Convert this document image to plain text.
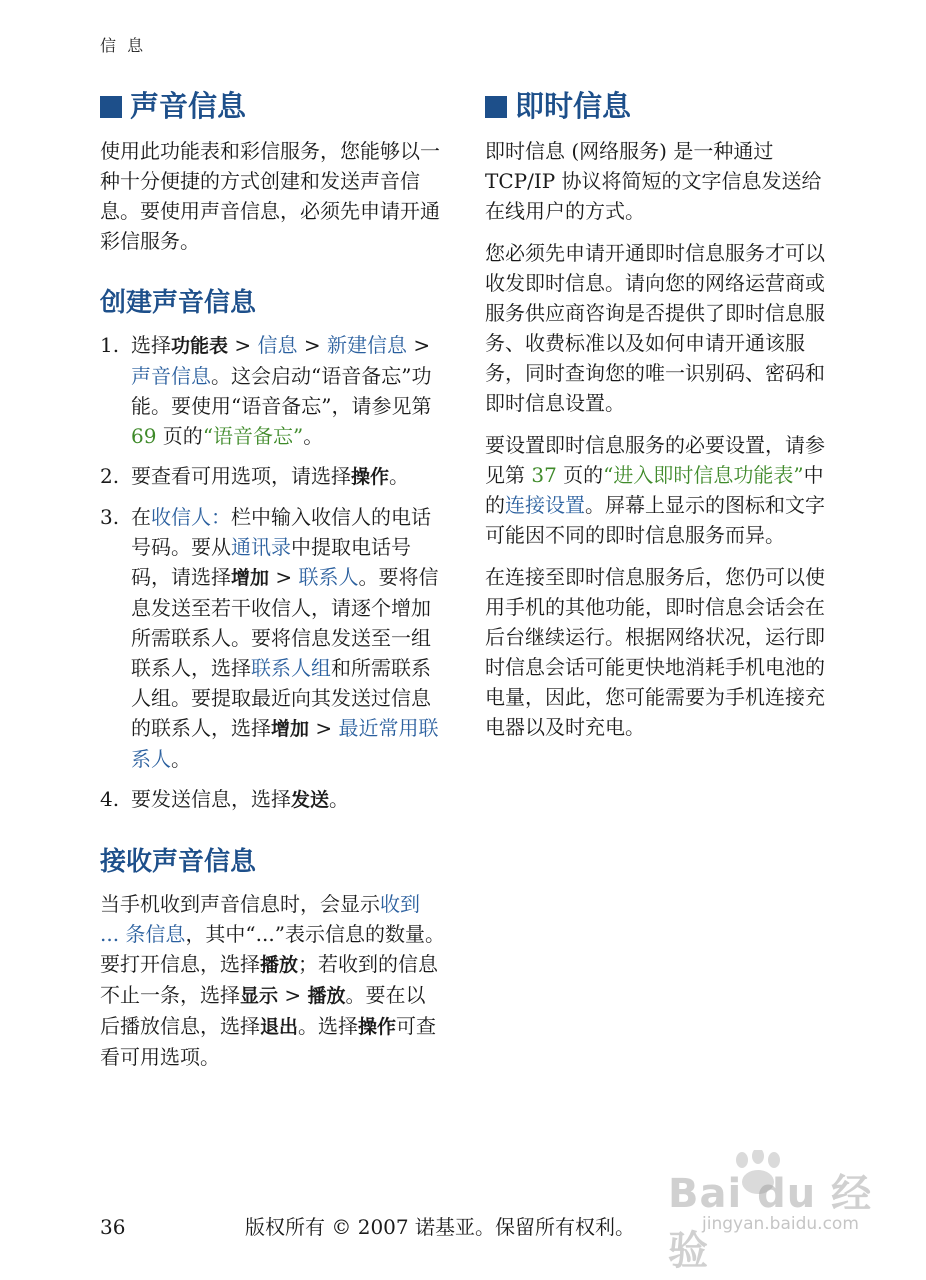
信 息
声音信息

使用此功能表和彩信服务，您能够以一种十分便捷的方式创建和发送声音信息。要使用声音信息，必须先申请开通彩信服务。

创建声音信息
1. 选择功能表 > 信息 > 新建信息 > 声音信息。这会启动“语音备忘”功能。要使用“语音备忘”，请参见第 69 页的“语音备忘”。
2. 要查看可用选项，请选择操作。
3. 在收信人：栏中输入收信人的电话号码。要从通讯录中提取电话号码，请选择增加 > 联系人。要将信息发送至若干收信人，请逐个增加所需联系人。要将信息发送至一组联系人，选择联系人组和所需联系人组。要提取最近向其发送过信息的联系人，选择增加 > 最近常用联系人。
4. 要发送信息，选择发送。
接收声音信息

当手机收到声音信息时，会显示收到 ... 条信息，其中“...”表示信息的数量。要打开信息，选择播放；若收到的信息不止一条，选择显示 > 播放。要在以后播放信息，选择退出。选择操作可查看可用选项。

即时信息

即时信息 (网络服务) 是一种通过 TCP/IP 协议将简短的文字信息发送给在线用户的方式。

您必须先申请开通即时信息服务才可以收发即时信息。请向您的网络运营商或服务供应商咨询是否提供了即时信息服务、收费标准以及如何申请开通该服务，同时查询您的唯一识别码、密码和即时信息设置。

要设置即时信息服务的必要设置，请参见第 37 页的“进入即时信息功能表”中的连接设置。屏幕上显示的图标和文字可能因不同的即时信息服务而异。

在连接至即时信息服务后，您仍可以使用手机的其他功能，即时信息会话会在后台继续运行。根据网络状况，运行即时信息会话可能更快地消耗手机电池的电量，因此，您可能需要为手机连接充电器以及时充电。

36	版权所有 © 2007 诺基亚。保留所有权利。
Bai du 经验
jingyan.baidu.com
